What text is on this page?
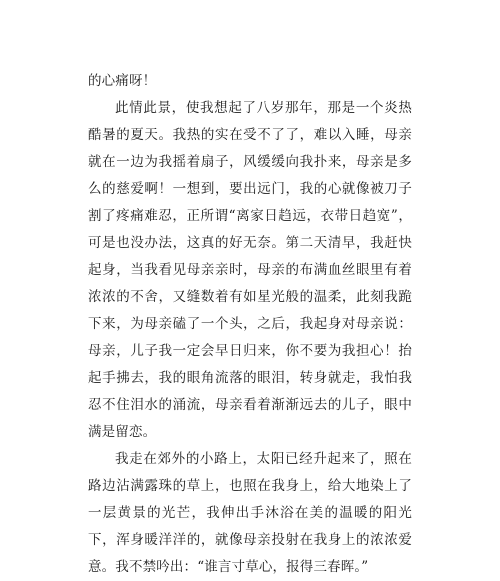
的心痛呀！

此情此景，使我想起了八岁那年，那是一个炎热酷暑的夏天。我热的实在受不了了，难以入睡，母亲就在一边为我摇着扇子，风缓缓向我扑来，母亲是多么的慈爱啊！一想到，要出远门，我的心就像被刀子割了疼痛难忍，正所谓“离家日趋远，衣带日趋宽”，可是也没办法，这真的好无奈。第二天清早，我赶快起身，当我看见母亲亲时，母亲的布满血丝眼里有着浓浓的不舍，又缝数着有如星光般的温柔，此刻我跪下来，为母亲磕了一个头，之后，我起身对母亲说：母亲，儿子我一定会早日归来，你不要为我担心！抬起手拂去，我的眼角流落的眼泪，转身就走，我怕我忍不住泪水的涌流，母亲看着渐渐远去的儿子，眼中满是留恋。

我走在郊外的小路上，太阳已经升起来了，照在路边沾满露珠的草上，也照在我身上，给大地染上了一层黄景的光芒，我伸出手沐浴在美的温暖的阳光下，浑身暖洋洋的，就像母亲投射在我身上的浓浓爱意。我不禁吟出：“谁言寸草心，报得三春晖。”
